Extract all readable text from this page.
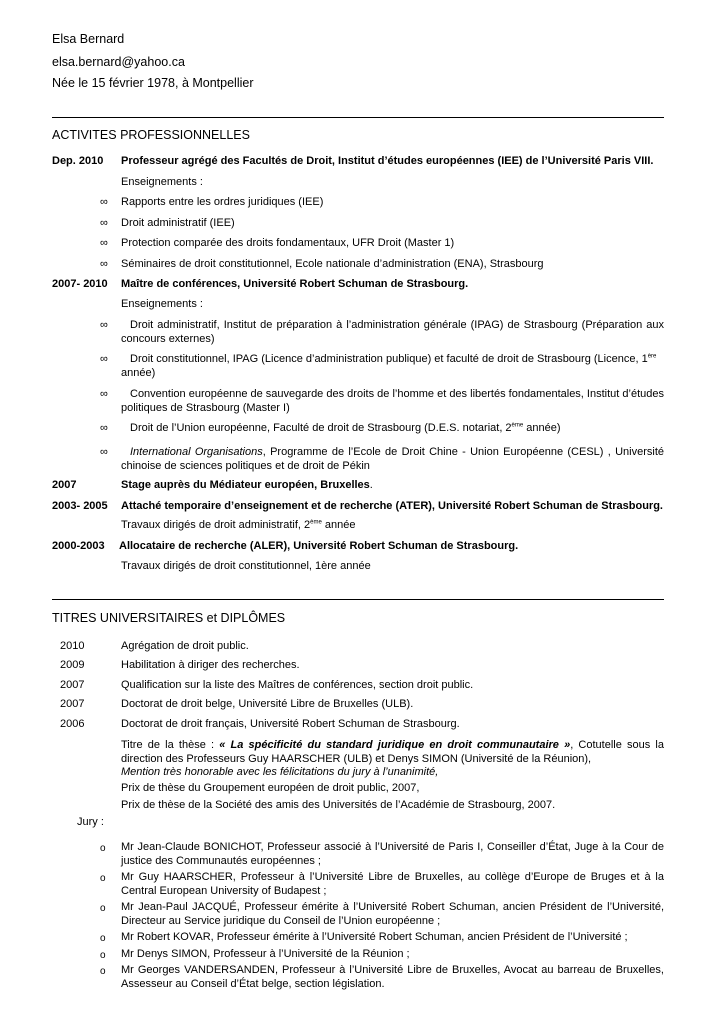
Elsa Bernard
elsa.bernard@yahoo.ca
Née le 15 février 1978, à Montpellier
ACTIVITES PROFESSIONNELLES
Dep. 2010 Professeur agrégé des Facultés de Droit, Institut d’études européennes (IEE) de l’Université Paris VIII.
Enseignements :
∞ Rapports entre les ordres juridiques (IEE)
∞ Droit administratif (IEE)
∞ Protection comparée des droits fondamentaux, UFR Droit (Master 1)
∞ Séminaires de droit constitutionnel, Ecole nationale d’administration (ENA), Strasbourg
2007- 2010 Maître de conférences, Université Robert Schuman de Strasbourg.
Enseignements :
∞	Droit administratif, Institut de préparation à l’administration générale (IPAG) de Strasbourg (Préparation aux concours externes)
∞	Droit constitutionnel, IPAG (Licence d’administration publique) et faculté de droit de Strasbourg (Licence, 1ère
année)
∞	Convention européenne de sauvegarde des droits de l’homme et des libertés fondamentales, Institut d’études politiques de Strasbourg (Master I)
∞	Droit de l’Union européenne, Faculté de droit de Strasbourg (D.E.S. notariat, 2ème année)
∞	International Organisations, Programme de l’Ecole de Droit Chine - Union Européenne (CESL) , Université chinoise de sciences politiques et de droit de Pékin
2007	Stage auprès du Médiateur européen, Bruxelles.
2003- 2005 Attaché temporaire d’enseignement et de recherche (ATER), Université Robert Schuman de Strasbourg.
Travaux dirigés de droit administratif, 2ème année
2000-2003 Allocataire de recherche (ALER), Université Robert Schuman de Strasbourg.
Travaux dirigés de droit constitutionnel, 1ère année
TITRES UNIVERSITAIRES et DIPLÔMES
2010	Agrégation de droit public.
2009	Habilitation à diriger des recherches.
2007	Qualification sur la liste des Maîtres de conférences, section droit public.
2007	Doctorat de droit belge, Université Libre de Bruxelles (ULB).
2006	Doctorat de droit français, Université Robert Schuman de Strasbourg.
Titre de la thèse : « La spécificité du standard juridique en droit communautaire », Cotutelle sous la direction des Professeurs Guy HAARSCHER (ULB) et Denys SIMON (Université de la Réunion),
Mention très honorable avec les félicitations du jury à l’unanimité,
Prix de thèse du Groupement européen de droit public, 2007,
Prix de thèse de la Société des amis des Universités de l’Académie de Strasbourg, 2007.
Jury :
o Mr Jean-Claude BONICHOT, Professeur associé à l’Université de Paris I, Conseiller d’État, Juge à la Cour de justice des Communautés européennes ;
o Mr Guy HAARSCHER, Professeur à l’Université Libre de Bruxelles, au collège d’Europe de Bruges et à la Central European University of Budapest ;
o Mr Jean-Paul JACQUÉ, Professeur émérite à l’Université Robert Schuman, ancien Président de l’Université, Directeur au Service juridique du Conseil de l’Union européenne ;
o Mr Robert KOVAR, Professeur émérite à l’Université Robert Schuman, ancien Président de l’Université ;
o Mr Denys SIMON, Professeur à l’Université de la Réunion ;
o Mr Georges VANDERSANDEN, Professeur à l’Université Libre de Bruxelles, Avocat au barreau de Bruxelles, Assesseur au Conseil d’État belge, section législation.
